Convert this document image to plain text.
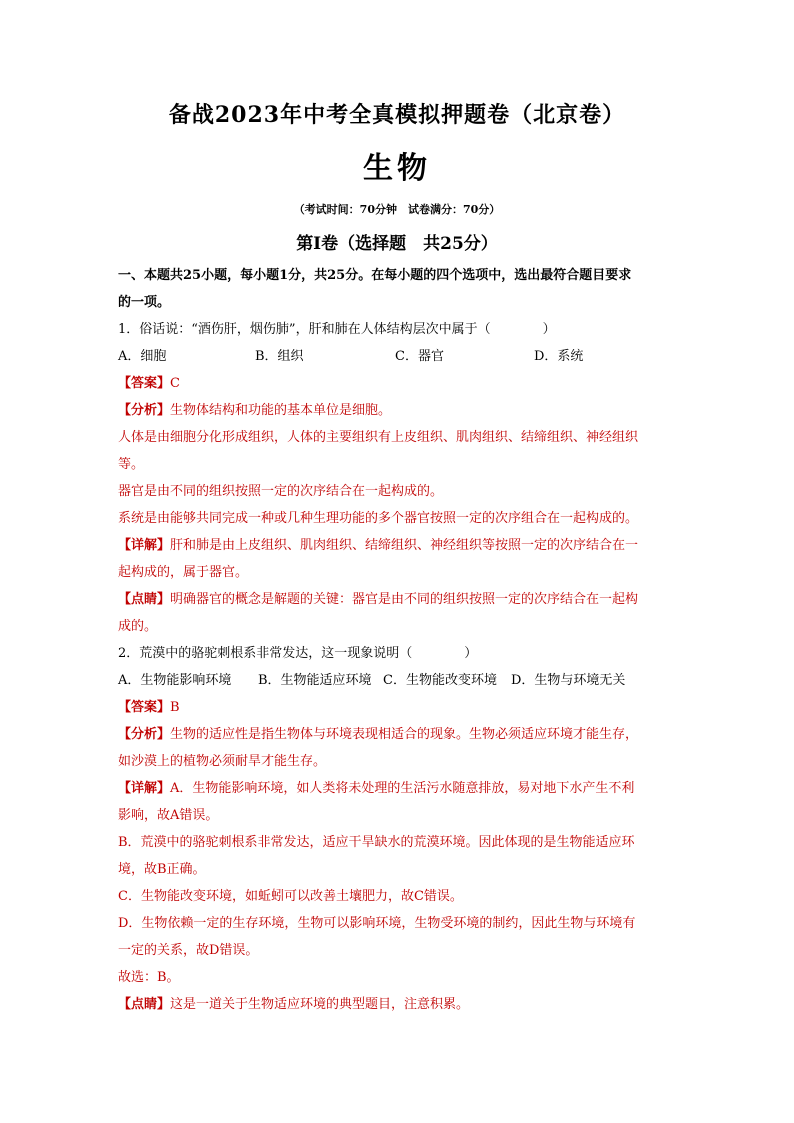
备战2023年中考全真模拟押题卷（北京卷）
生物
（考试时间：70分钟　试卷满分：70分）
第I卷（选择题　共25分）
一、本题共25小题，每小题1分，共25分。在每小题的四个选项中，选出最符合题目要求
的一项。
1．俗话说：“酒伤肝，烟伤肺”，肝和肺在人体结构层次中属于（　　　　）
A．细胞	B．组织	C．器官	D．系统
【答案】C
【分析】生物体结构和功能的基本单位是细胞。
人体是由细胞分化形成组织，人体的主要组织有上皮组织、肌肉组织、结缔组织、神经组织
等。
器官是由不同的组织按照一定的次序结合在一起构成的。
系统是由能够共同完成一种或几种生理功能的多个器官按照一定的次序组合在一起构成的。
【详解】肝和肺是由上皮组织、肌肉组织、结缔组织、神经组织等按照一定的次序结合在一
起构成的，属于器官。
【点睛】明确器官的概念是解题的关键：器官是由不同的组织按照一定的次序结合在一起构
成的。
2．荒漠中的骆驼刺根系非常发达，这一现象说明（　　　　）
A．生物能影响环境	B．生物能适应环境 C．生物能改变环境	D．生物与环境无关
【答案】B
【分析】生物的适应性是指生物体与环境表现相适合的现象。生物必须适应环境才能生存，
如沙漠上的植物必须耐旱才能生存。
【详解】A．生物能影响环境，如人类将未处理的生活污水随意排放，易对地下水产生不利
影响，故A错误。
B．荒漠中的骆驼刺根系非常发达，适应干旱缺水的荒漠环境。因此体现的是生物能适应环
境，故B正确。
C．生物能改变环境，如蚯蚓可以改善土壤肥力，故C错误。
D．生物依赖一定的生存环境，生物可以影响环境，生物受环境的制约，因此生物与环境有
一定的关系，故D错误。
故选：B。
【点睛】这是一道关于生物适应环境的典型题目，注意积累。
